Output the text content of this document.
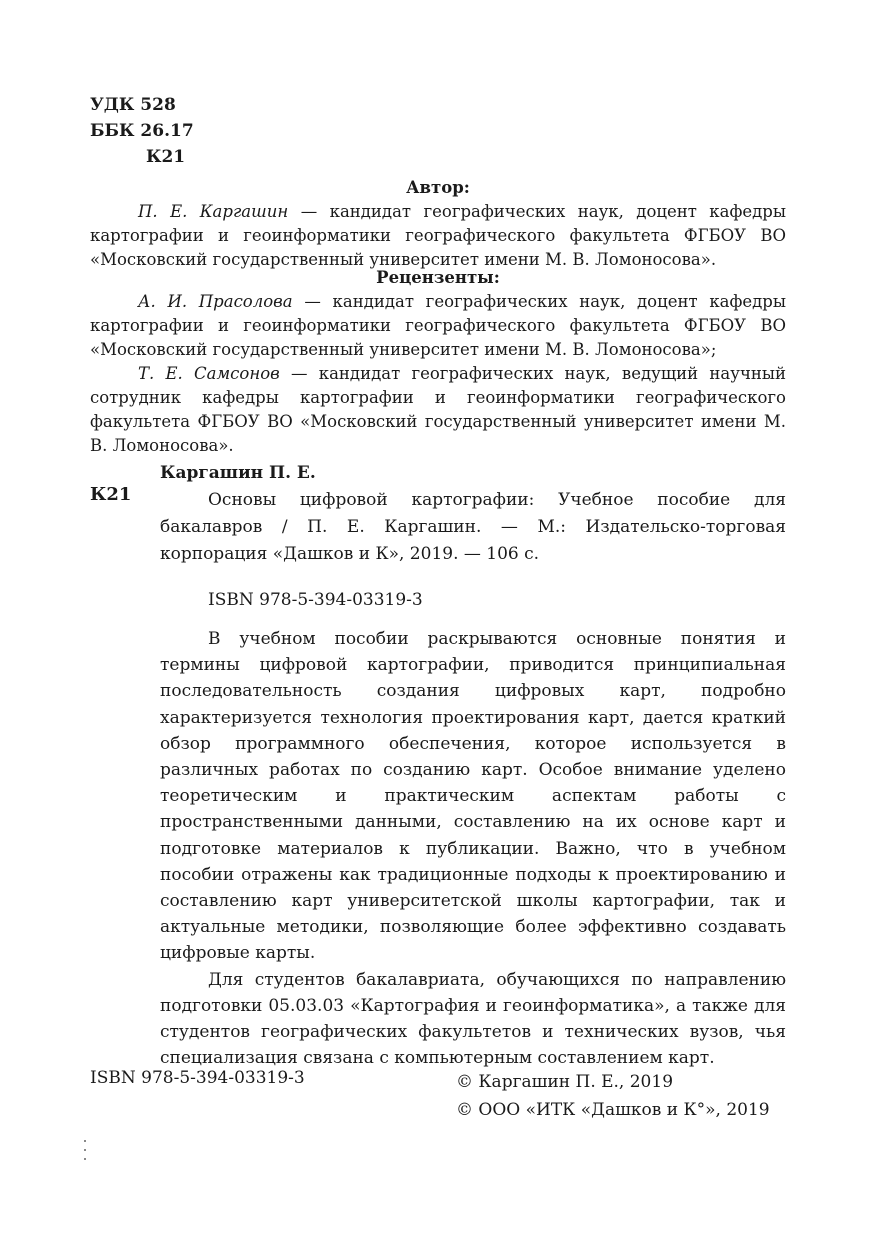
УДК 528
ББК 26.17
К21
Автор:

П. Е. Каргашин — кандидат географических наук, доцент кафедры картографии и геоинформатики географического факультета ФГБОУ ВО «Московский государственный университет имени М. В. Ломоносова».

Рецензенты:

А. И. Прасолова — кандидат географических наук, доцент кафедры картографии и геоинформатики географического факультета ФГБОУ ВО «Московский государственный университет имени М. В. Ломоносова»;

Т. Е. Самсонов — кандидат географических наук, ведущий научный сотрудник кафедры картографии и геоинформатики географического факультета ФГБОУ ВО «Московский государственный университет имени М. В. Ломоносова».

К21
Каргашин П. Е.

Основы цифровой картографии: Учебное пособие для бакалавров / П. Е. Каргашин. — М.: Издательско-торговая корпорация «Дашков и К», 2019. — 106 с.

ISBN 978-5-394-03319-3

В учебном пособии раскрываются основные понятия и термины цифровой картографии, приводится принципиальная последовательность создания цифровых карт, подробно характеризуется технология проектирования карт, дается краткий обзор программного обеспечения, которое используется в различных работах по созданию карт. Особое внимание уделено теоретическим и практическим аспектам работы с пространственными данными, составлению на их основе карт и подготовке материалов к публикации. Важно, что в учебном пособии отражены как традиционные подходы к проектированию и составлению карт университетской школы картографии, так и актуальные методики, позволяющие более эффективно создавать цифровые карты.

Для студентов бакалавриата, обучающихся по направлению подготовки 05.03.03 «Картография и геоинформатика», а также для студентов географических факультетов и технических вузов, чья специализация связана с компьютерным составлением карт.

ISBN 978-5-394-03319-3	© Каргашин П. Е., 2019
© ООО «ИТК «Дашков и К°», 2019
